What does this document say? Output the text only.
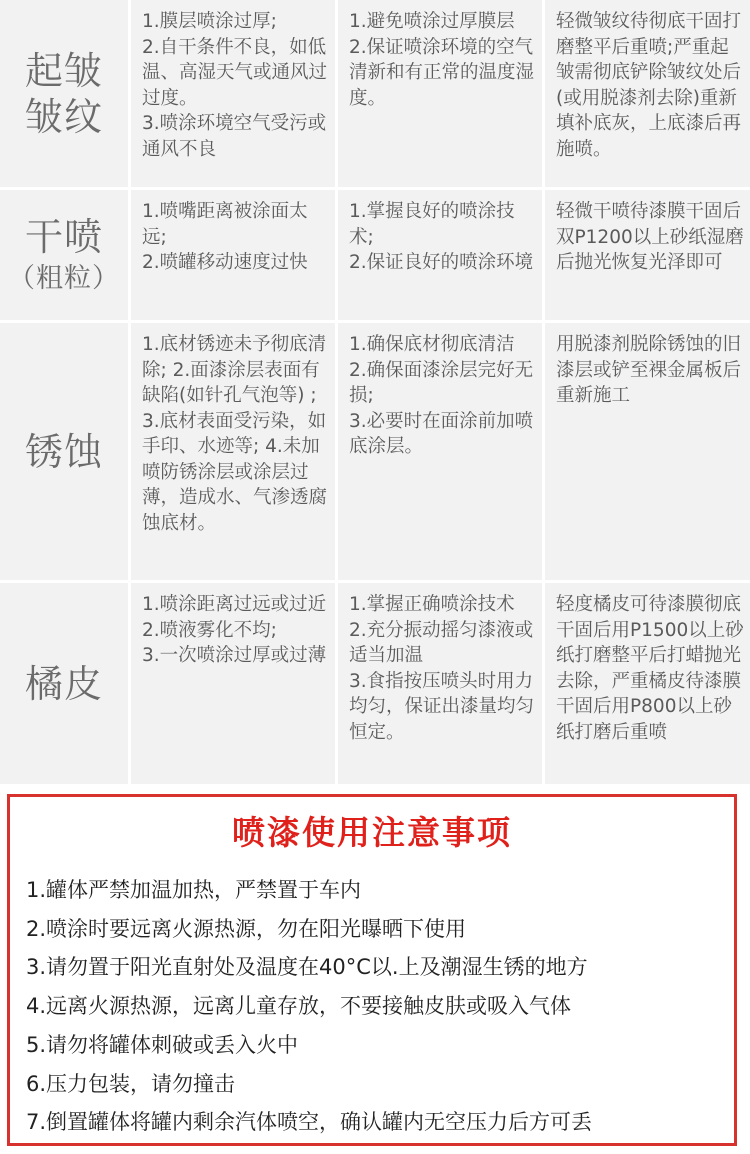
起皱
皱纹
1.膜层喷涂过厚;
2.自干条件不良，如低温、高湿天气或通风过过度。
3.喷涂环境空气受污或通风不良
1.避免喷涂过厚膜层
2.保证喷涂环境的空气清新和有正常的温度湿度。
轻微皱纹待彻底干固打磨整平后重喷;严重起皱需彻底铲除皱纹处后(或用脱漆剂去除)重新填补底灰，上底漆后再施喷。
干喷
（粗粒）
1.喷嘴距离被涂面太远;
2.喷罐移动速度过快
1.掌握良好的喷涂技术;
2.保证良好的喷涂环境
轻微干喷待漆膜干固后双P1200以上砂纸湿磨后抛光恢复光泽即可
锈蚀
1.底材锈迹未予彻底清除; 2.面漆涂层表面有缺陷(如针孔气泡等) ; 3.底材表面受污染，如手印、水迹等; 4.未加喷防锈涂层或涂层过薄，造成水、气渗透腐蚀底材。
1.确保底材彻底清洁
2.确保面漆涂层完好无损;
3.必要时在面涂前加喷底涂层。
用脱漆剂脱除锈蚀的旧漆层或铲至裸金属板后重新施工
橘皮
1.喷涂距离过远或过近
2.喷液雾化不均;
3.一次喷涂过厚或过薄
1.掌握正确喷涂技术
2.充分振动摇匀漆液或适当加温
3.食指按压喷头时用力均匀，保证出漆量均匀恒定。
轻度橘皮可待漆膜彻底干固后用P1500以上砂纸打磨整平后打蜡抛光去除，严重橘皮待漆膜干固后用P800以上砂纸打磨后重喷
喷漆使用注意事项
1.罐体严禁加温加热，严禁置于车内
2.喷涂时要远离火源热源，勿在阳光曝晒下使用
3.请勿置于阳光直射处及温度在40°C以.上及潮湿生锈的地方
4.远离火源热源，远离儿童存放，不要接触皮肤或吸入气体
5.请勿将罐体刺破或丢入火中
6.压力包装，请勿撞击
7.倒置罐体将罐内剩余汽体喷空，确认罐内无空压力后方可丢
